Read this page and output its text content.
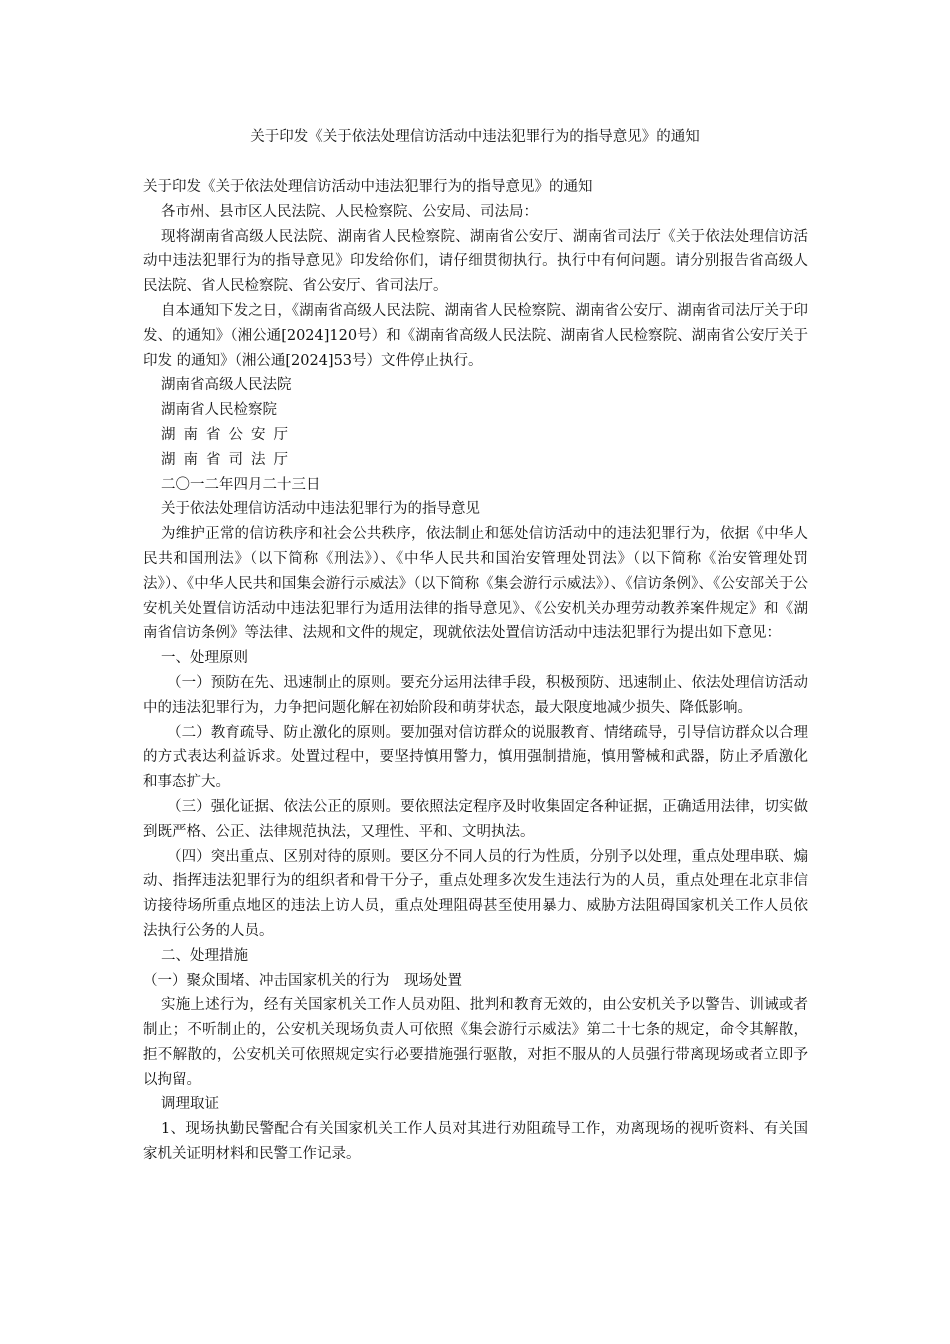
关于印发《关于依法处理信访活动中违法犯罪行为的指导意见》的通知

关于印发《关于依法处理信访活动中违法犯罪行为的指导意见》的通知

各市州、县市区人民法院、人民检察院、公安局、司法局：

现将湖南省高级人民法院、湖南省人民检察院、湖南省公安厅、湖南省司法厅《关于依法处理信访活动中违法犯罪行为的指导意见》印发给你们，请仔细贯彻执行。执行中有何问题。请分别报告省高级人民法院、省人民检察院、省公安厅、省司法厅。

自本通知下发之日，《湖南省高级人民法院、湖南省人民检察院、湖南省公安厅、湖南省司法厅关于印发、的通知》（湘公通[2024]120号）和《湖南省高级人民法院、湖南省人民检察院、湖南省公安厅关于印发 的通知》（湘公通[2024]53号）文件停止执行。

湖南省高级人民法院

湖南省人民检察院

湖南省公安厅

湖南省司法厅

二〇一二年四月二十三日

关于依法处理信访活动中违法犯罪行为的指导意见

为维护正常的信访秩序和社会公共秩序，依法制止和惩处信访活动中的违法犯罪行为，依据《中华人民共和国刑法》（以下简称《刑法》）、《中华人民共和国治安管理处罚法》（以下简称《治安管理处罚法》）、《中华人民共和国集会游行示威法》（以下简称《集会游行示威法》）、《信访条例》、《公安部关于公安机关处置信访活动中违法犯罪行为适用法律的指导意见》、《公安机关办理劳动教养案件规定》和《湖南省信访条例》等法律、法规和文件的规定，现就依法处置信访活动中违法犯罪行为提出如下意见：

一、处理原则

（一）预防在先、迅速制止的原则。要充分运用法律手段，积极预防、迅速制止、依法处理信访活动中的违法犯罪行为，力争把问题化解在初始阶段和萌芽状态，最大限度地减少损失、降低影响。

（二）教育疏导、防止激化的原则。要加强对信访群众的说服教育、情绪疏导，引导信访群众以合理的方式表达利益诉求。处置过程中，要坚持慎用警力，慎用强制措施，慎用警械和武器，防止矛盾激化和事态扩大。

（三）强化证据、依法公正的原则。要依照法定程序及时收集固定各种证据，正确适用法律，切实做到既严格、公正、法律规范执法，又理性、平和、文明执法。

（四）突出重点、区别对待的原则。要区分不同人员的行为性质，分别予以处理，重点处理串联、煽动、指挥违法犯罪行为的组织者和骨干分子，重点处理多次发生违法行为的人员，重点处理在北京非信访接待场所重点地区的违法上访人员，重点处理阻碍甚至使用暴力、威胁方法阻碍国家机关工作人员依法执行公务的人员。

二、处理措施

（一）聚众围堵、冲击国家机关的行为　现场处置

实施上述行为，经有关国家机关工作人员劝阻、批判和教育无效的，由公安机关予以警告、训诫或者制止；不听制止的，公安机关现场负责人可依照《集会游行示威法》第二十七条的规定，命令其解散，拒不解散的，公安机关可依照规定实行必要措施强行驱散，对拒不服从的人员强行带离现场或者立即予以拘留。

调理取证

1、现场执勤民警配合有关国家机关工作人员对其进行劝阻疏导工作，劝离现场的视听资料、有关国家机关证明材料和民警工作记录。
